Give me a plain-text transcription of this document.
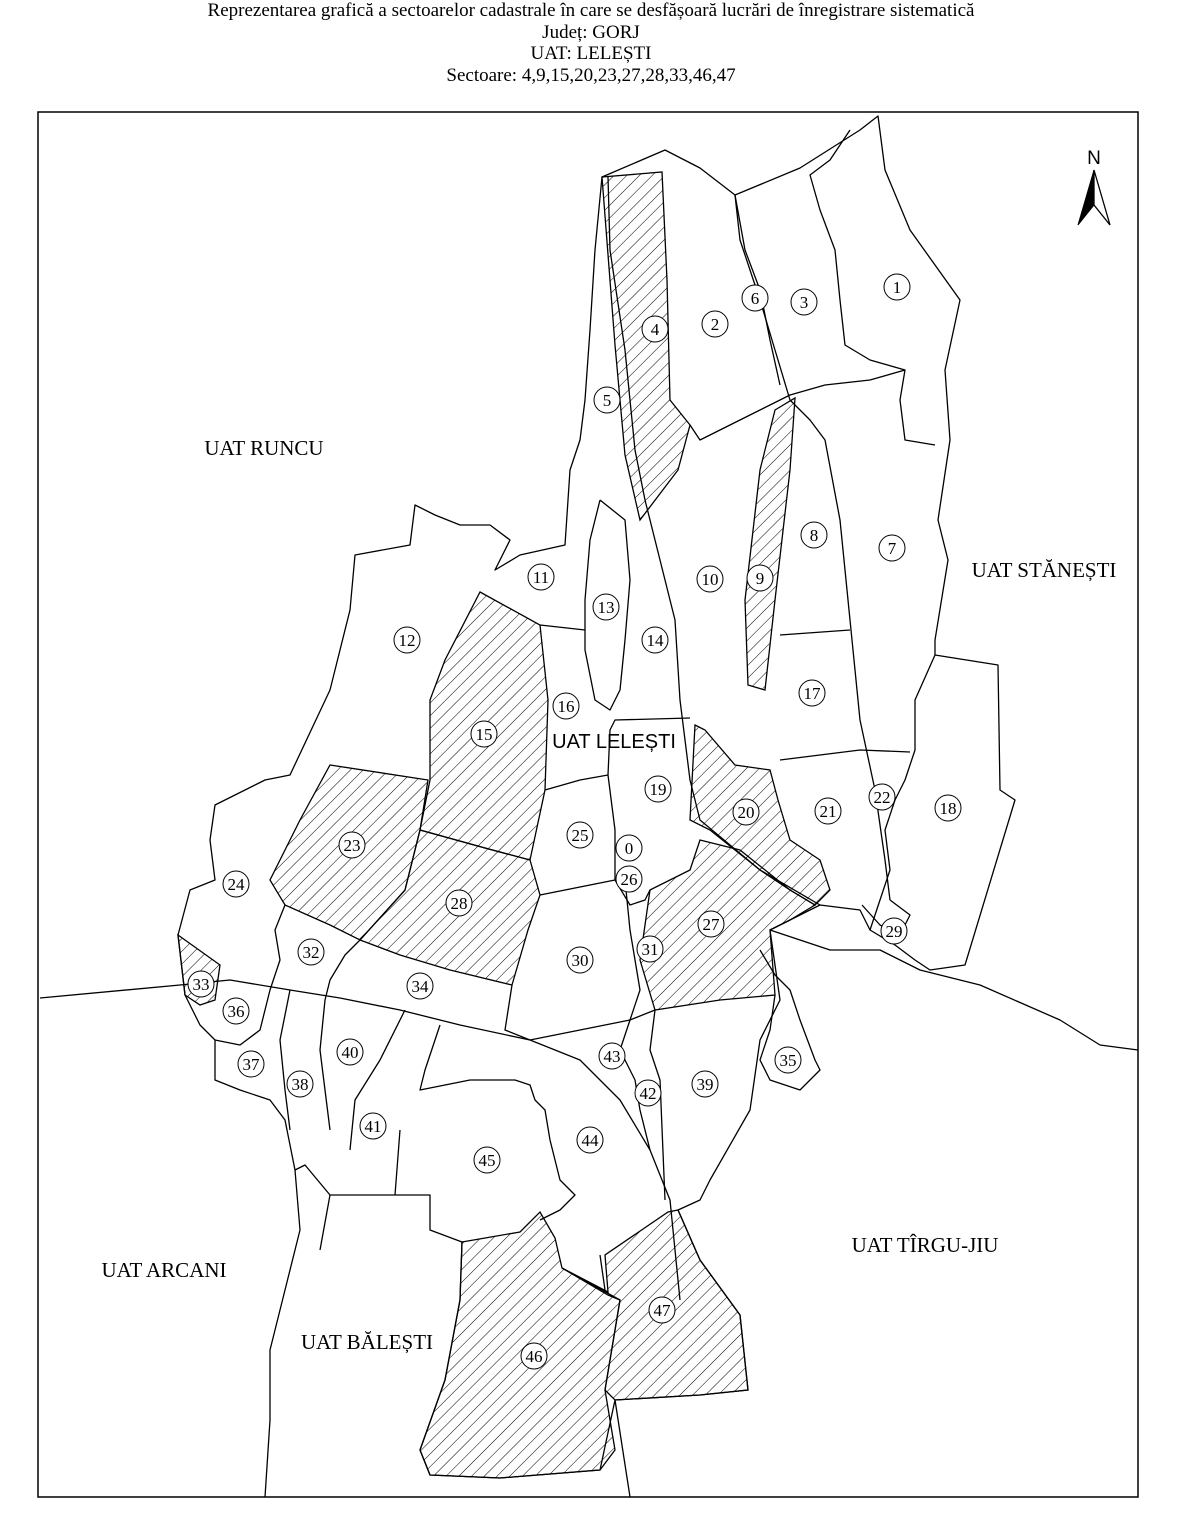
Reprezentarea grafică a sectoarelor cadastrale în care se desfășoară lucrări de înregistrare sistematică
Județ: GORJ
UAT: LELEȘTI
Sectoare: 4,9,15,20,23,27,28,33,46,47
N
UAT RUNCU
UAT STĂNEȘTI
UAT TÎRGU-JIU
UAT ARCANI
UAT BĂLEȘTI
UAT LELEȘTI
0
1
2
3
4
5
6
7
8
9
10
11
12
13
14
15
16
17
18
19
20	21
22
23
24
25
26
27
28
29
30
31
32
33	34
35
36
37
38	39
40
41
42
43
44
45
46
47
